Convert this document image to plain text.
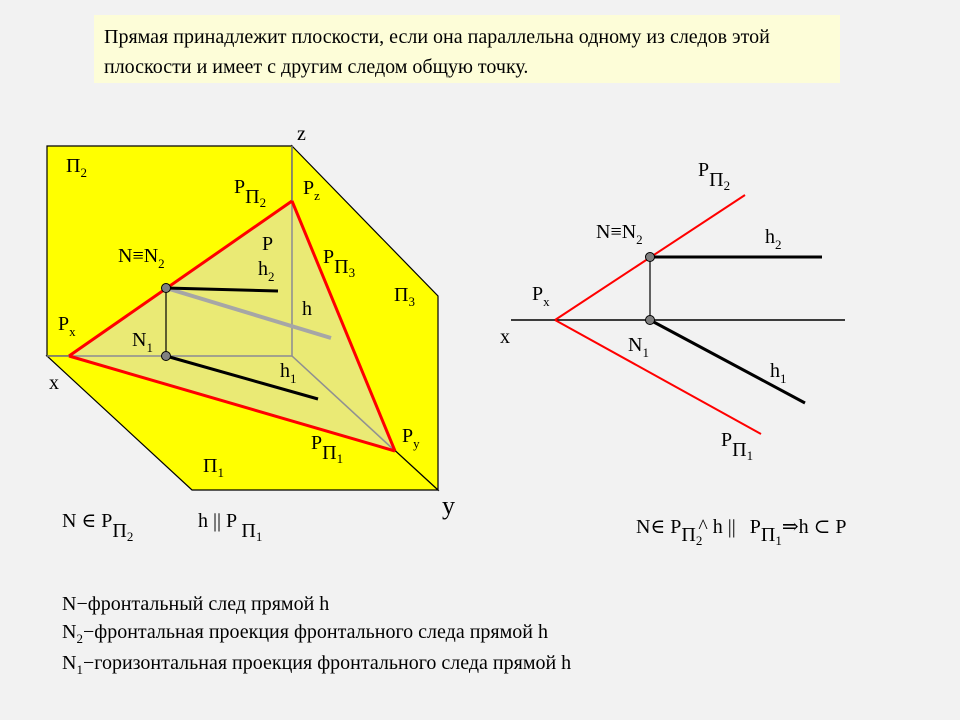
Прямая принадлежит плоскости, если она параллельна одному из следов этой плоскости и имеет с другим следом общую точку.
$П_2$
z
$PП_2$
$P_z$
P
$N\equiv N_2$	$h_2$
$PП_3$
$П_3$
h
$P_x$	$N_1$
$h_1$
x
$P_y$
$PП_1$
$П_1$
y
N ∈ $PП_2$
h || P $П_1$
$PП_2$
$N\equiv N_2$	$h_2$
$P_x$
x	$N_1$
$h_1$
$PП_1$
N∈ $PП_2\^{}$ h || $PП_1\Rightarrow h$ ⊂ P
N−фронтальный след прямой h
$N_2-фронтальная$ проекция фронтального следа прямой h
$N_1-горизонтальная$ проекция фронтального следа прямой h
